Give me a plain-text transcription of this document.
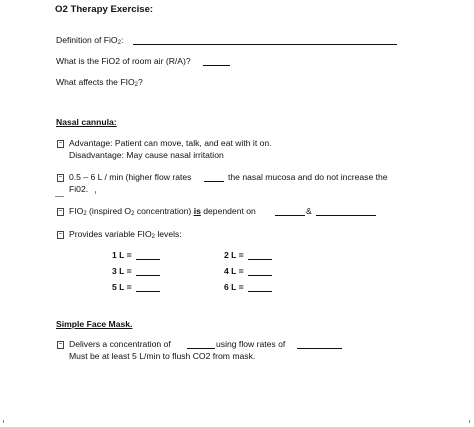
O2 Therapy Exercise:
Definition of FiO$_2$:
What is the FiO2 of room air (R/A)?
What affects the $FIO_2$?
Nasal cannula:
Advantage: Patient can move, talk, and eat with it on.
Disadvantage: May cause nasal irritation
0.5 – 6 L / min (higher flow rates	the nasal mucosa and do not increase the
Fi02.
$FIO_2$ (inspired $O_2$ concentration) is dependent on	&
Provides variable $FIO_2$ levels:
1 L =	2 L =
3 L =	4 L =
5 L =	6 L =
Simple Face Mask.
Delivers a concentration of	using flow rates of
Must be at least 5 L/min to flush CO2 from mask.
